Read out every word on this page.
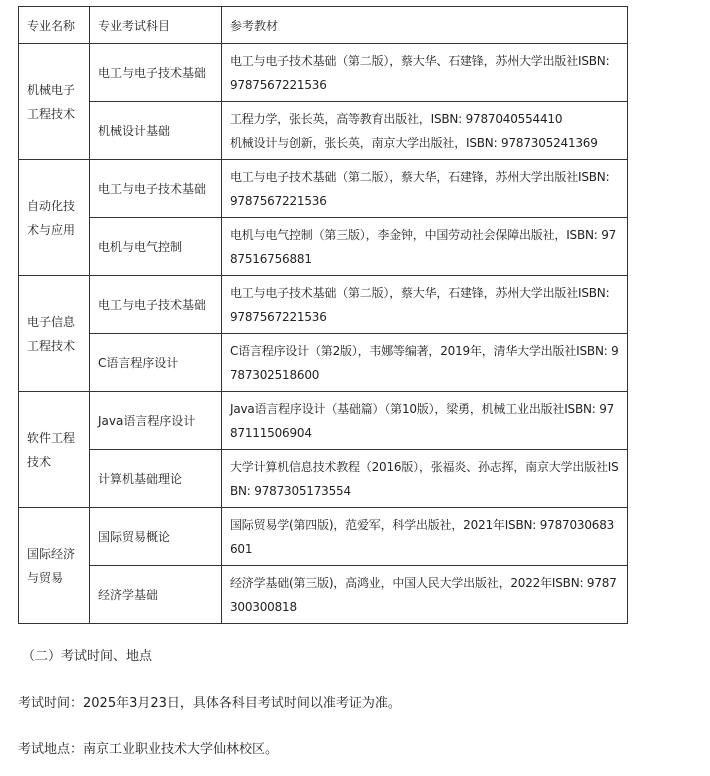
专业名称	专业考试科目	参考教材
机械电子工程技术	电工与电子技术基础	电工与电子技术基础（第二版），蔡大华、石建锋，苏州大学出版社ISBN: 9787567221536
	机械设计基础	工程力学，张长英，高等教育出版社，ISBN: 9787040554410
机械设计与创新，张长英，南京大学出版社，ISBN: 9787305241369

自动化技术与应用	电工与电子技术基础	电工与电子技术基础（第二版），蔡大华，石建锋，苏州大学出版社ISBN: 9787567221536
	电机与电气控制	电机与电气控制（第三版），李金钟，中国劳动社会保障出版社，ISBN: 9787516756881
电子信息工程技术	电工与电子技术基础	电工与电子技术基础（第二版），蔡大华，石建锋，苏州大学出版社ISBN: 9787567221536
	C语言程序设计	C语言程序设计（第2版），韦娜等编著，2019年，清华大学出版社ISBN: 9787302518600
软件工程技术	Java语言程序设计	Java语言程序设计（基础篇）（第10版），梁勇，机械工业出版社ISBN: 9787111506904
	计算机基础理论	大学计算机信息技术教程（2016版），张福炎、孙志挥，南京大学出版社ISBN: 9787305173554
国际经济与贸易	国际贸易概论	国际贸易学(第四版)，范爱军，科学出版社，2021年ISBN: 9787030683601
	经济学基础	经济学基础(第三版)，高鸿业，中国人民大学出版社，2022年ISBN: 9787300300818
（二）考试时间、地点
考试时间：2025年3月23日，具体各科目考试时间以准考证为准。
考试地点：南京工业职业技术大学仙林校区。
